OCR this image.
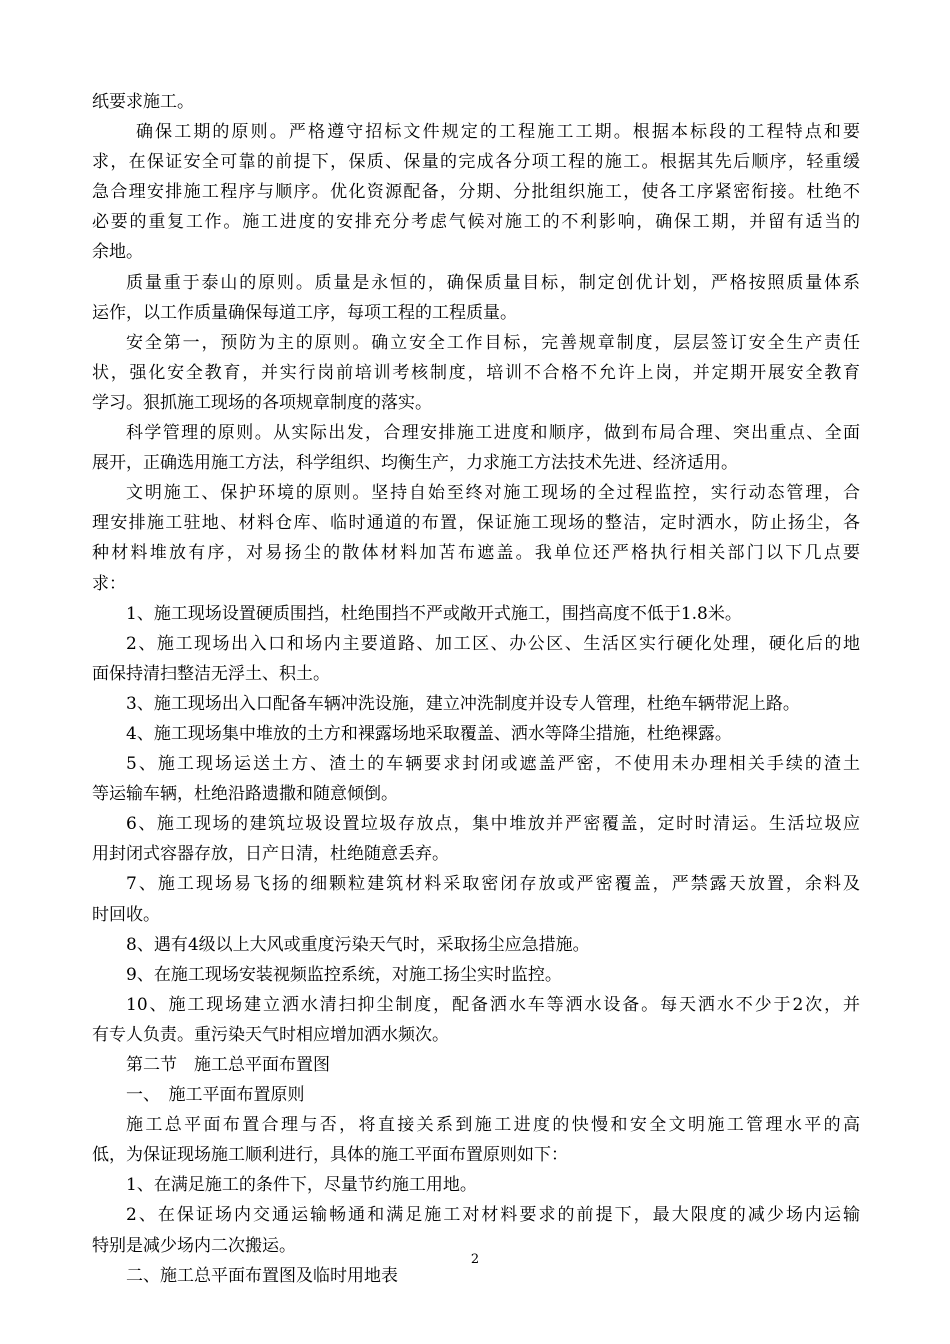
纸要求施工。
确保工期的原则。严格遵守招标文件规定的工程施工工期。根据本标段的工程特点和要
求，在保证安全可靠的前提下，保质、保量的完成各分项工程的施工。根据其先后顺序，轻重缓
急合理安排施工程序与顺序。优化资源配备，分期、分批组织施工，使各工序紧密衔接。杜绝不
必要的重复工作。施工进度的安排充分考虑气候对施工的不利影响，确保工期，并留有适当的
余地。
质量重于泰山的原则。质量是永恒的，确保质量目标，制定创优计划，严格按照质量体系
运作，以工作质量确保每道工序，每项工程的工程质量。
安全第一，预防为主的原则。确立安全工作目标，完善规章制度，层层签订安全生产责任
状，强化安全教育，并实行岗前培训考核制度，培训不合格不允许上岗，并定期开展安全教育
学习。狠抓施工现场的各项规章制度的落实。
科学管理的原则。从实际出发，合理安排施工进度和顺序，做到布局合理、突出重点、全面
展开，正确选用施工方法，科学组织、均衡生产，力求施工方法技术先进、经济适用。
文明施工、保护环境的原则。坚持自始至终对施工现场的全过程监控，实行动态管理，合
理安排施工驻地、材料仓库、临时通道的布置，保证施工现场的整洁，定时洒水，防止扬尘，各
种材料堆放有序，对易扬尘的散体材料加苫布遮盖。我单位还严格执行相关部门以下几点要
求：
1、施工现场设置硬质围挡，杜绝围挡不严或敞开式施工，围挡高度不低于1.8米。
2、施工现场出入口和场内主要道路、加工区、办公区、生活区实行硬化处理，硬化后的地
面保持清扫整洁无浮土、积土。
3、施工现场出入口配备车辆冲洗设施，建立冲洗制度并设专人管理，杜绝车辆带泥上路。
4、施工现场集中堆放的土方和裸露场地采取覆盖、洒水等降尘措施，杜绝裸露。
5、施工现场运送土方、渣土的车辆要求封闭或遮盖严密，不使用未办理相关手续的渣土
等运输车辆，杜绝沿路遗撒和随意倾倒。
6、施工现场的建筑垃圾设置垃圾存放点，集中堆放并严密覆盖，定时时清运。生活垃圾应
用封闭式容器存放，日产日清，杜绝随意丢弃。
7、施工现场易飞扬的细颗粒建筑材料采取密闭存放或严密覆盖，严禁露天放置，余料及
时回收。
8、遇有4级以上大风或重度污染天气时，采取扬尘应急措施。
9、在施工现场安装视频监控系统，对施工扬尘实时监控。
10、施工现场建立洒水清扫抑尘制度，配备洒水车等洒水设备。每天洒水不少于2次，并
有专人负责。重污染天气时相应增加洒水频次。
第二节　施工总平面布置图
一、　施工平面布置原则
施工总平面布置合理与否，将直接关系到施工进度的快慢和安全文明施工管理水平的高
低，为保证现场施工顺利进行，具体的施工平面布置原则如下：
1、在满足施工的条件下，尽量节约施工用地。
2、在保证场内交通运输畅通和满足施工对材料要求的前提下，最大限度的减少场内运输
特别是减少场内二次搬运。
二、施工总平面布置图及临时用地表
2
